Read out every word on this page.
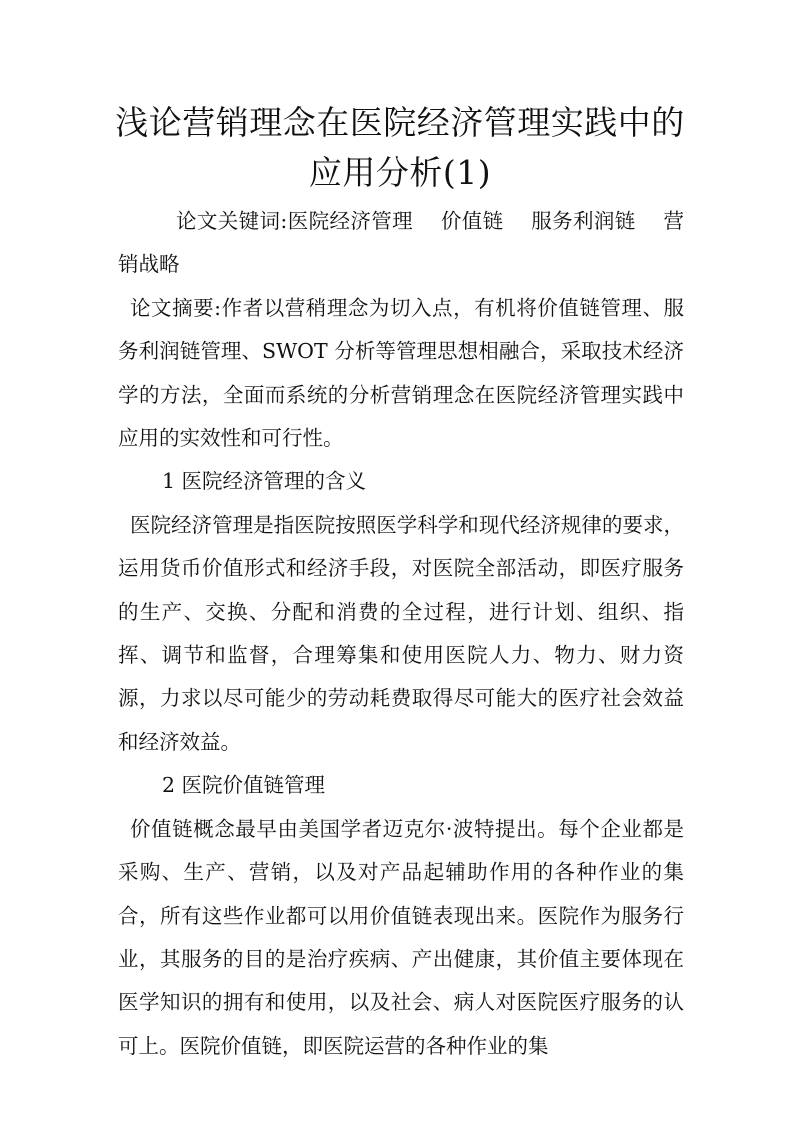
浅论营销理念在医院经济管理实践中的应用分析(1)

论文关键词:医院经济管理　 价值链　 服务利润链　 营销战略

论文摘要:作者以营稍理念为切入点，有机将价值链管理、服务利润链管理、SWOT 分析等管理思想相融合，采取技术经济学的方法，全面而系统的分析营销理念在医院经济管理实践中应用的实效性和可行性。

1 医院经济管理的含义

医院经济管理是指医院按照医学科学和现代经济规律的要求，运用货币价值形式和经济手段，对医院全部活动，即医疗服务的生产、交换、分配和消费的全过程，进行计划、组织、指挥、调节和监督，合理筹集和使用医院人力、物力、财力资源，力求以尽可能少的劳动耗费取得尽可能大的医疗社会效益和经济效益。

2 医院价值链管理

价值链概念最早由美国学者迈克尔·波特提出。每个企业都是采购、生产、营销，以及对产品起辅助作用的各种作业的集合，所有这些作业都可以用价值链表现出来。医院作为服务行业，其服务的目的是治疗疾病、产出健康，其价值主要体现在医学知识的拥有和使用，以及社会、病人对医院医疗服务的认可上。医院价值链，即医院运营的各种作业的集
